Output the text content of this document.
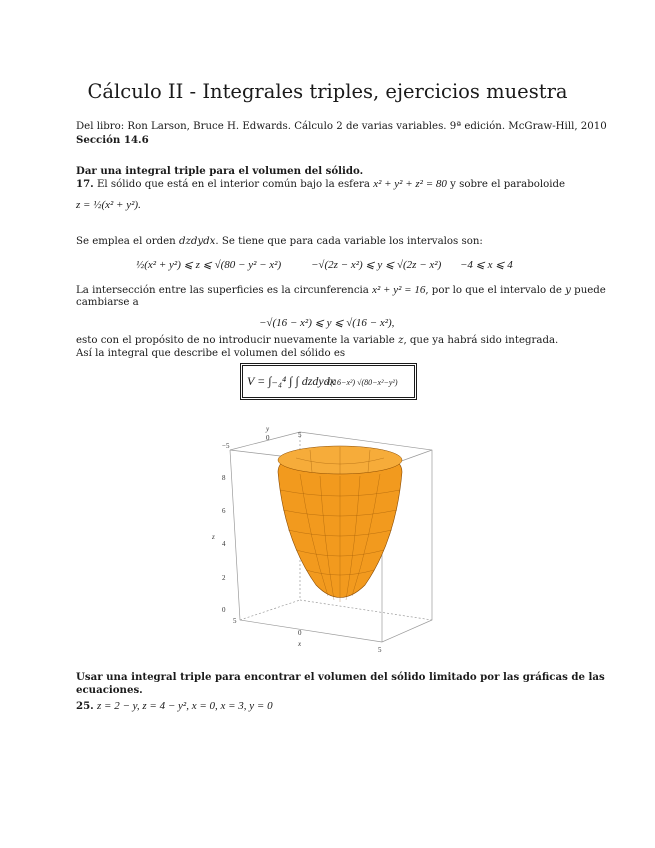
Cálculo II - Integrales triples, ejercicios muestra
Del libro: Ron Larson, Bruce H. Edwards. Cálculo 2 de varias variables. 9ª edición. McGraw-Hill, 2010
Sección 14.6
Dar una integral triple para el volumen del sólido.
17. El sólido que está en el interior común bajo la esfera x² + y² + z² = 80 y sobre el paraboloide
z = ½(x² + y²).
Se emplea el orden dzdydx. Se tiene que para cada variable los intervalos son:
½(x² + y²) ⩽ z ⩽ √(80 − y² − x²)	−√(2z − x²) ⩽ y ⩽ √(2z − x²) −4 ⩽ x ⩽ 4
La intersección entre las superficies es la circunferencia x² + y² = 16, por lo que el intervalo de y puede
cambiarse a
−√(16 − x²) ⩽ y ⩽ √(16 − x²),
esto con el propósito de no introducir nuevamente la variable z, que ya habrá sido integrada.
Así la integral que describe el volumen del sólido es
V = ∫₋₄⁴ ∫ ∫ dzdydx
√(16−x²) √(80−x²−y²)
y
0	5
−5
8
6
4
z
2
0
5
0
x
5
Usar una integral triple para encontrar el volumen del sólido limitado por las gráficas de las
ecuaciones.
25. z = 2 − y, z = 4 − y², x = 0, x = 3, y = 0
